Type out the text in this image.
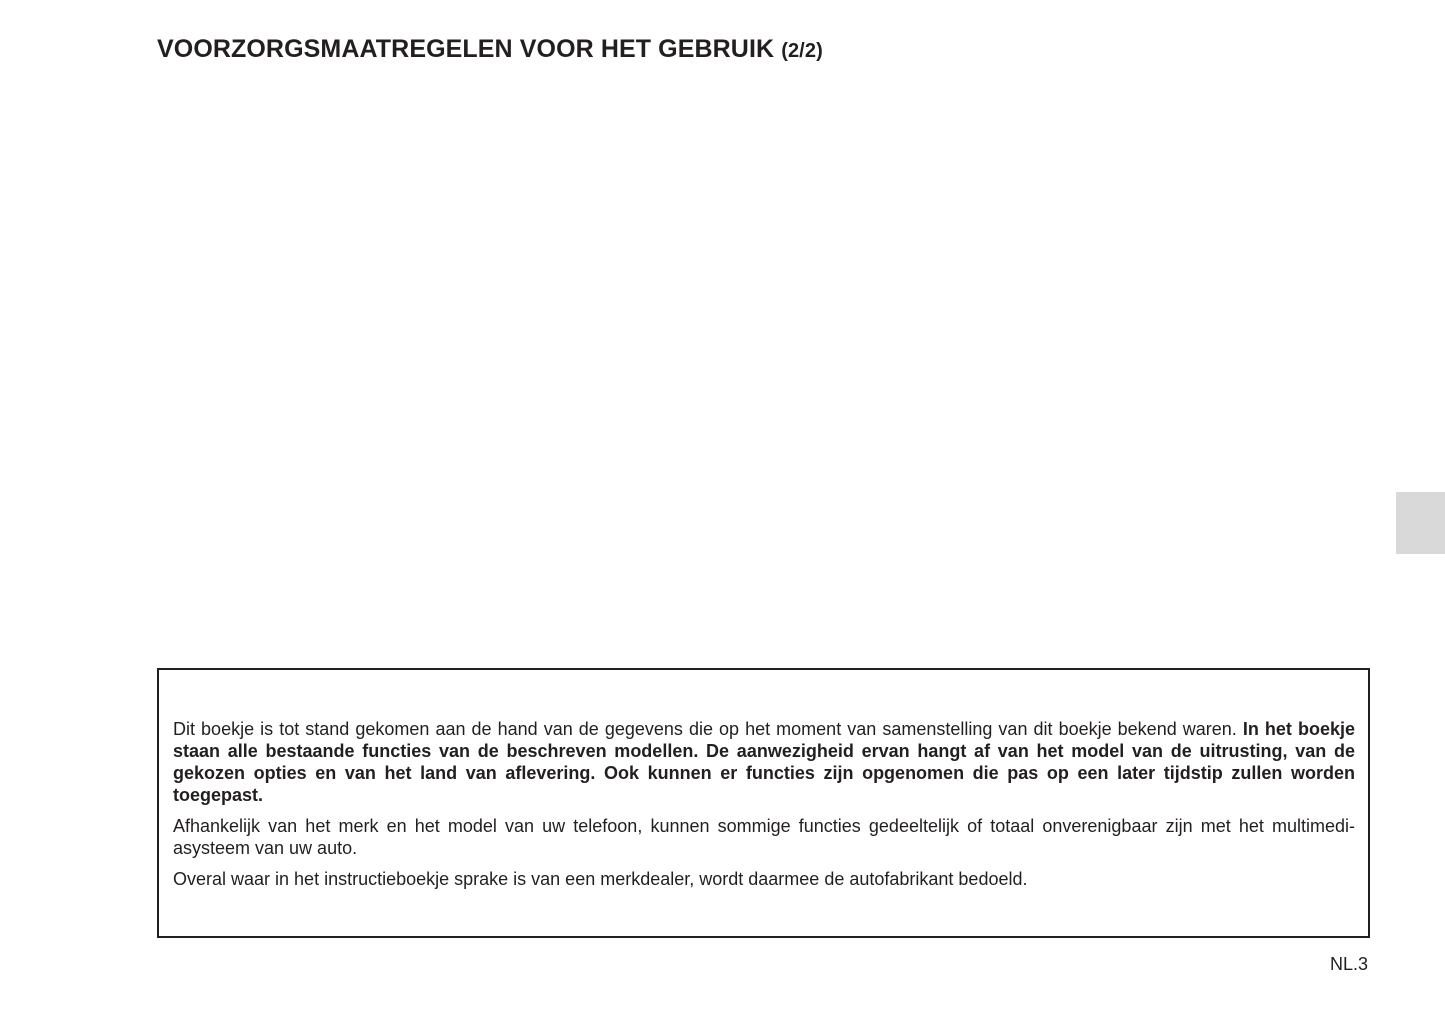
VOORZORGSMAATREGELEN VOOR HET GEBRUIK (2/2)

Dit boekje is tot stand gekomen aan de hand van de gegevens die op het moment van samenstelling van dit boekje bekend waren. In het boekje staan alle bestaande functies van de beschreven modellen. De aanwezigheid ervan hangt af van het model van de uitrusting, van de gekozen opties en van het land van aflevering. Ook kunnen er functies zijn opgenomen die pas op een later tijdstip zullen worden toegepast.

Afhankelijk van het merk en het model van uw telefoon, kunnen sommige functies gedeeltelijk of totaal onverenigbaar zijn met het multimedi-asysteem van uw auto.

Overal waar in het instructieboekje sprake is van een merkdealer, wordt daarmee de autofabrikant bedoeld.

NL.3
